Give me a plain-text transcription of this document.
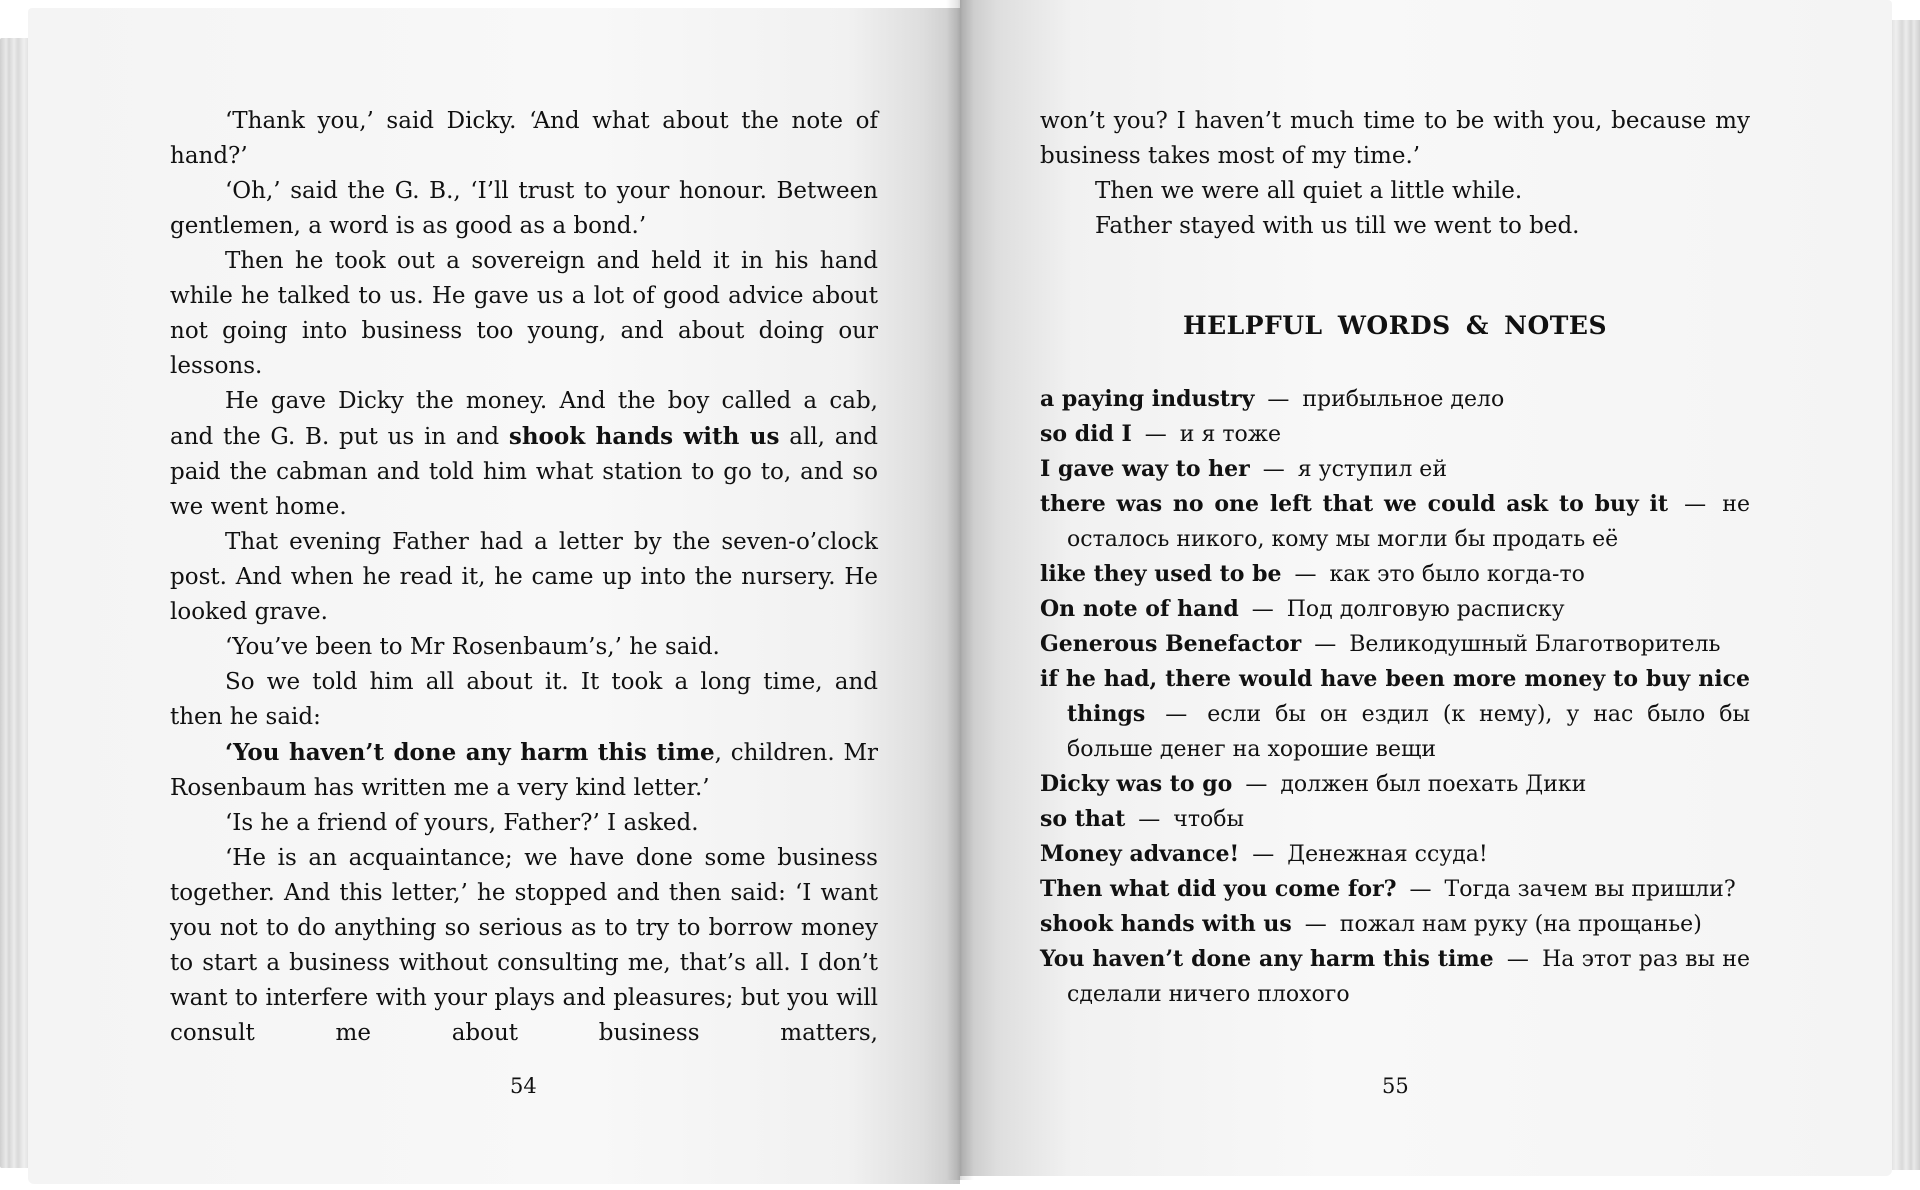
‘Thank you,’ said Dicky. ‘And what about the note of hand?’

‘Oh,’ said the G. B., ‘I’ll trust to your honour. Between gentlemen, a word is as good as a bond.’

Then he took out a sovereign and held it in his hand while he talked to us. He gave us a lot of good advice about not going into business too young, and about doing our lessons.

He gave Dicky the money. And the boy called a cab, and the G. B. put us in and shook hands with us all, and paid the cabman and told him what station to go to, and so we went home.

That evening Father had a letter by the seven-o’clock post. And when he read it, he came up into the nursery. He looked grave.

‘You’ve been to Mr Rosenbaum’s,’ he said.

So we told him all about it. It took a long time, and then he said:

‘You haven’t done any harm this time, children. Mr Rosenbaum has written me a very kind letter.’

‘Is he a friend of yours, Father?’ I asked.

‘He is an acquaintance; we have done some business together. And this letter,’ he stopped and then said: ‘I want you not to do anything so serious as to try to borrow money to start a business without consulting me, that’s all. I don’t want to interfere with your plays and pleasures; but you will consult me about business matters,

54

won’t you? I haven’t much time to be with you, because my business takes most of my time.’

Then we were all quiet a little while.

Father stayed with us till we went to bed.

HELPFUL WORDS & NOTES
a paying industry — прибыльное дело
so did I — и я тоже
I gave way to her — я уступил ей
there was no one left that we could ask to buy it — не осталось никого, кому мы могли бы продать её
like they used to be — как это было когда-то
On note of hand — Под долговую расписку
Generous Benefactor — Великодушный Благотворитель
if he had, there would have been more money to buy nice things — если бы он ездил (к нему), у нас было бы больше денег на хорошие вещи
Dicky was to go — должен был поехать Дики
so that — чтобы
Money advance! — Денежная ссуда!
Then what did you come for? — Тогда зачем вы пришли?
shook hands with us — пожал нам руку (на прощанье)
You haven’t done any harm this time — На этот раз вы не сделали ничего плохого
55
